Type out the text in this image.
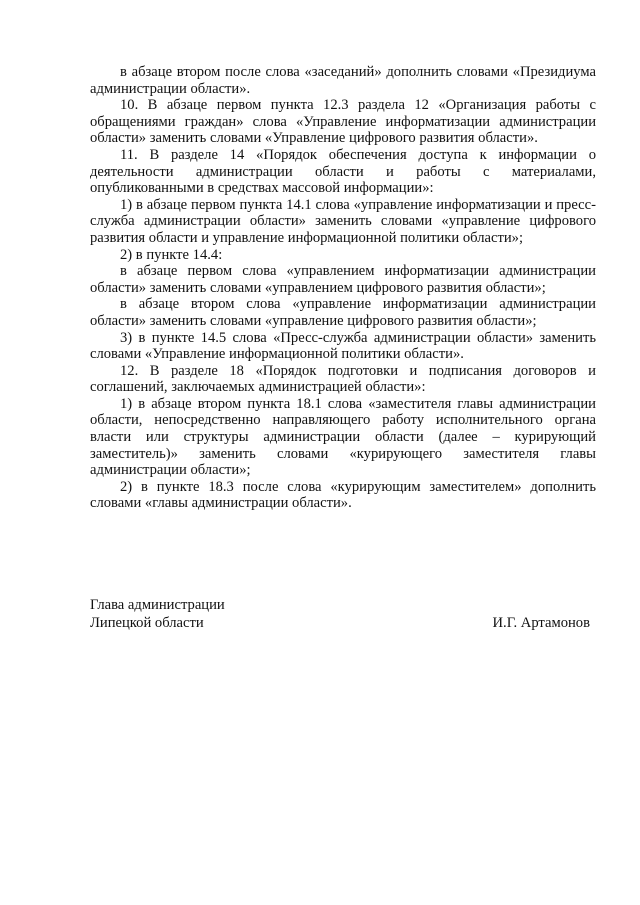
в абзаце втором после слова «заседаний» дополнить словами «Президиума администрации области».

10. В абзаце первом пункта 12.3 раздела 12 «Организация работы с обращениями граждан» слова «Управление информатизации администрации области» заменить словами «Управление цифрового развития области».

11. В разделе 14 «Порядок обеспечения доступа к информации о деятельности администрации области и работы с материалами, опубликованными в средствах массовой информации»:

1) в абзаце первом пункта 14.1 слова «управление информатизации и пресс-служба администрации области» заменить словами «управление цифрового развития области и управление информационной политики области»;

2) в пункте 14.4:

в абзаце первом слова «управлением информатизации администрации области» заменить словами «управлением цифрового развития области»;

в абзаце втором слова «управление информатизации администрации области» заменить словами «управление цифрового развития области»;

3) в пункте 14.5 слова «Пресс-служба администрации области» заменить словами «Управление информационной политики области».

12. В разделе 18 «Порядок подготовки и подписания договоров и соглашений, заключаемых администрацией области»:

1) в абзаце втором пункта 18.1 слова «заместителя главы администрации области, непосредственно направляющего работу исполнительного органа власти или структуры администрации области (далее – курирующий заместитель)» заменить словами «курирующего заместителя главы администрации области»;

2) в пункте 18.3 после слова «курирующим заместителем» дополнить словами «главы администрации области».

Глава администрации
Липецкой области	И.Г. Артамонов
